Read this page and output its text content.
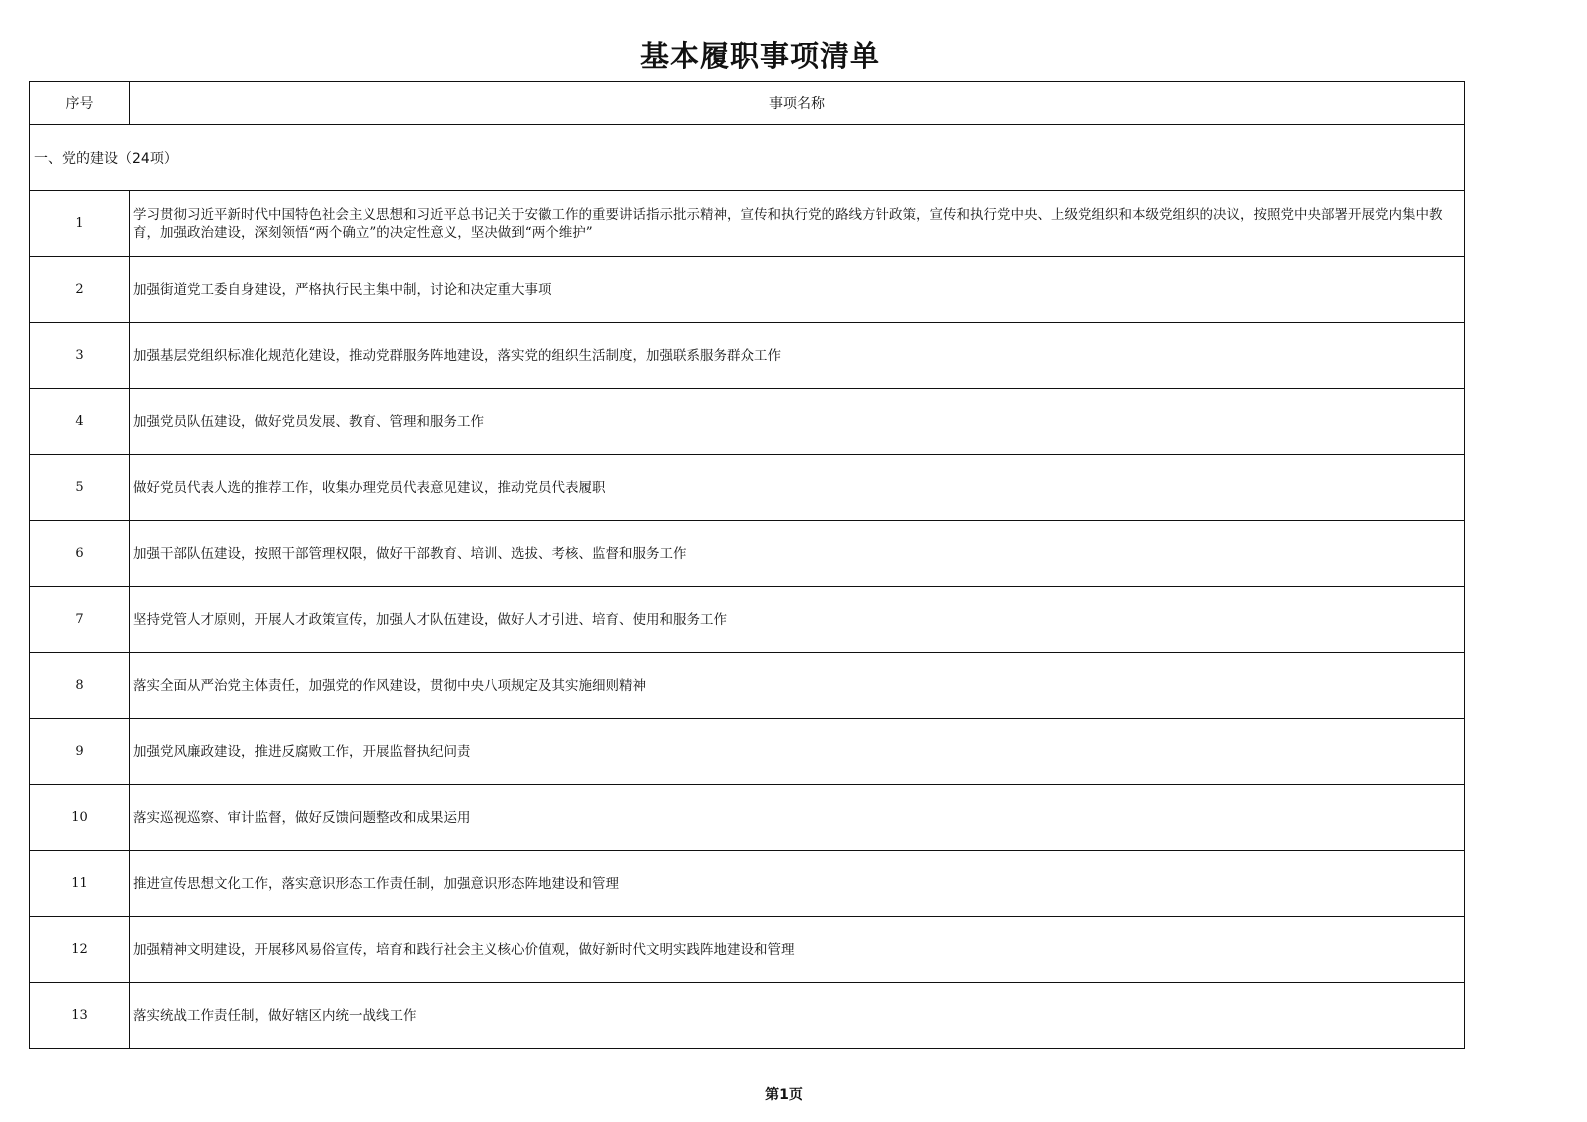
基本履职事项清单
序号	事项名称
一、党的建设（24项）	
1	学习贯彻习近平新时代中国特色社会主义思想和习近平总书记关于安徽工作的重要讲话指示批示精神，宣传和执行党的路线方针政策，宣传和执行党中央、上级党组织和本级党组织的决议，按照党中央部署开展党内集中教育，加强政治建设，深刻领悟“两个确立”的决定性意义，坚决做到“两个维护”
2	加强街道党工委自身建设，严格执行民主集中制，讨论和决定重大事项
3	加强基层党组织标准化规范化建设，推动党群服务阵地建设，落实党的组织生活制度，加强联系服务群众工作
4	加强党员队伍建设，做好党员发展、教育、管理和服务工作
5	做好党员代表人选的推荐工作，收集办理党员代表意见建议，推动党员代表履职
6	加强干部队伍建设，按照干部管理权限，做好干部教育、培训、选拔、考核、监督和服务工作
7	坚持党管人才原则，开展人才政策宣传，加强人才队伍建设，做好人才引进、培育、使用和服务工作
8	落实全面从严治党主体责任，加强党的作风建设，贯彻中央八项规定及其实施细则精神
9	加强党风廉政建设，推进反腐败工作，开展监督执纪问责
10	落实巡视巡察、审计监督，做好反馈问题整改和成果运用
11	推进宣传思想文化工作，落实意识形态工作责任制，加强意识形态阵地建设和管理
12	加强精神文明建设，开展移风易俗宣传，培育和践行社会主义核心价值观，做好新时代文明实践阵地建设和管理
13	落实统战工作责任制，做好辖区内统一战线工作
第1页
